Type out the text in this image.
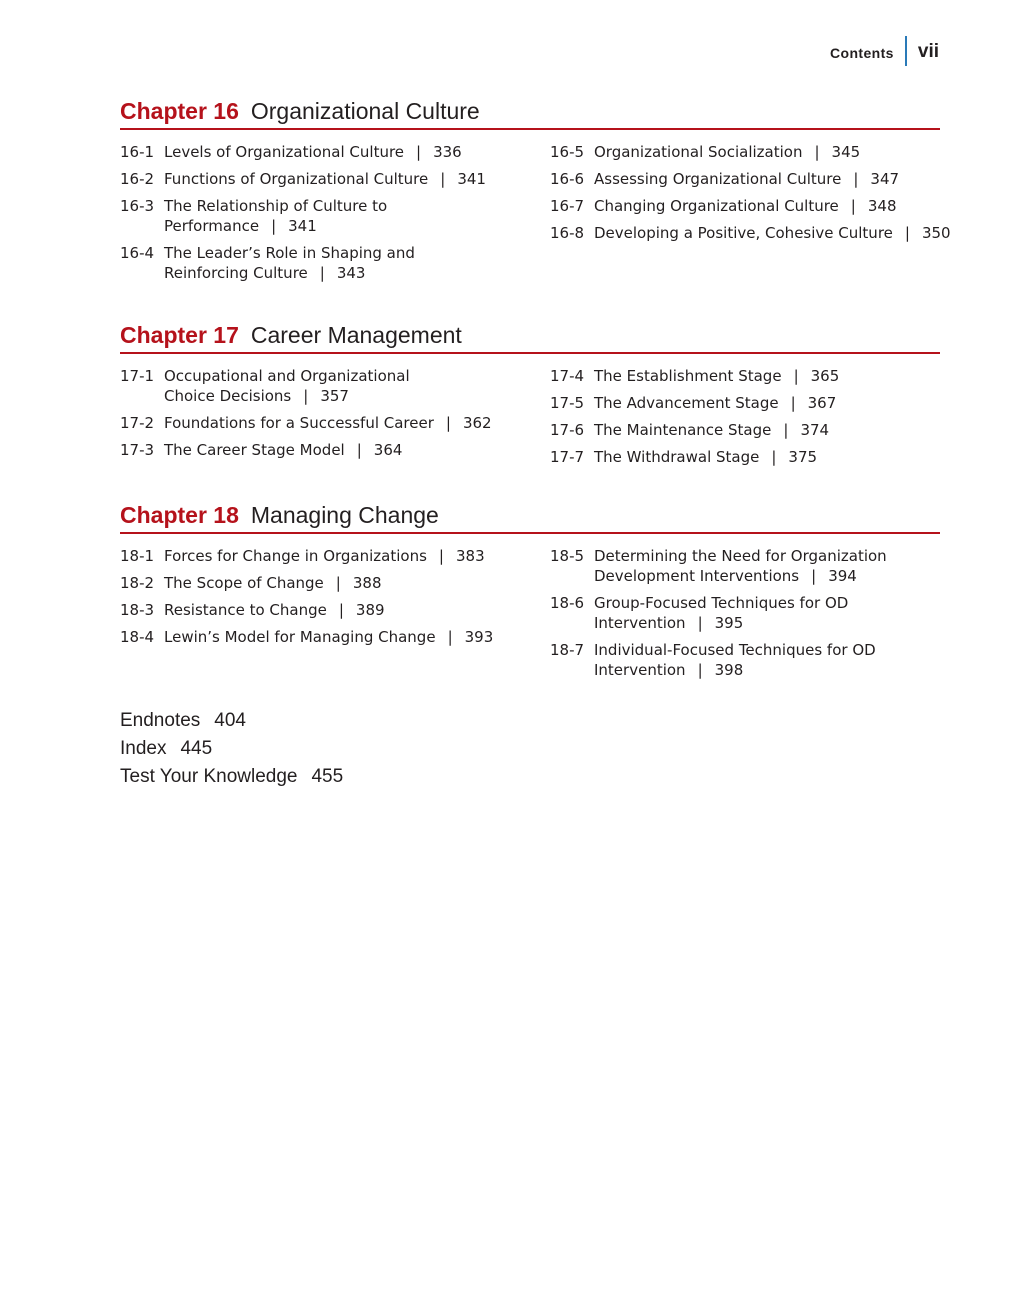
Contents	vii
Chapter 16 Organizational Culture
16-1 Levels of Organizational Culture | 336
16-2 Functions of Organizational Culture | 341
16-3 The Relationship of Culture to Performance | 341
16-4 The Leader’s Role in Shaping and Reinforcing Culture | 343
16-5 Organizational Socialization | 345
16-6 Assessing Organizational Culture | 347
16-7 Changing Organizational Culture | 348
16-8 Developing a Positive, Cohesive Culture | 350
Chapter 17 Career Management
17-1 Occupational and Organizational Choice Decisions | 357
17-2 Foundations for a Successful Career | 362
17-3 The Career Stage Model | 364
17-4 The Establishment Stage | 365
17-5 The Advancement Stage | 367
17-6 The Maintenance Stage | 374
17-7 The Withdrawal Stage | 375
Chapter 18 Managing Change
18-1 Forces for Change in Organizations | 383
18-2 The Scope of Change | 388
18-3 Resistance to Change | 389
18-4 Lewin’s Model for Managing Change | 393
18-5 Determining the Need for Organization Development Interventions | 394
18-6 Group-Focused Techniques for OD Intervention | 395
18-7 Individual-Focused Techniques for OD Intervention | 398
Endnotes 404
Index 445
Test Your Knowledge 455
